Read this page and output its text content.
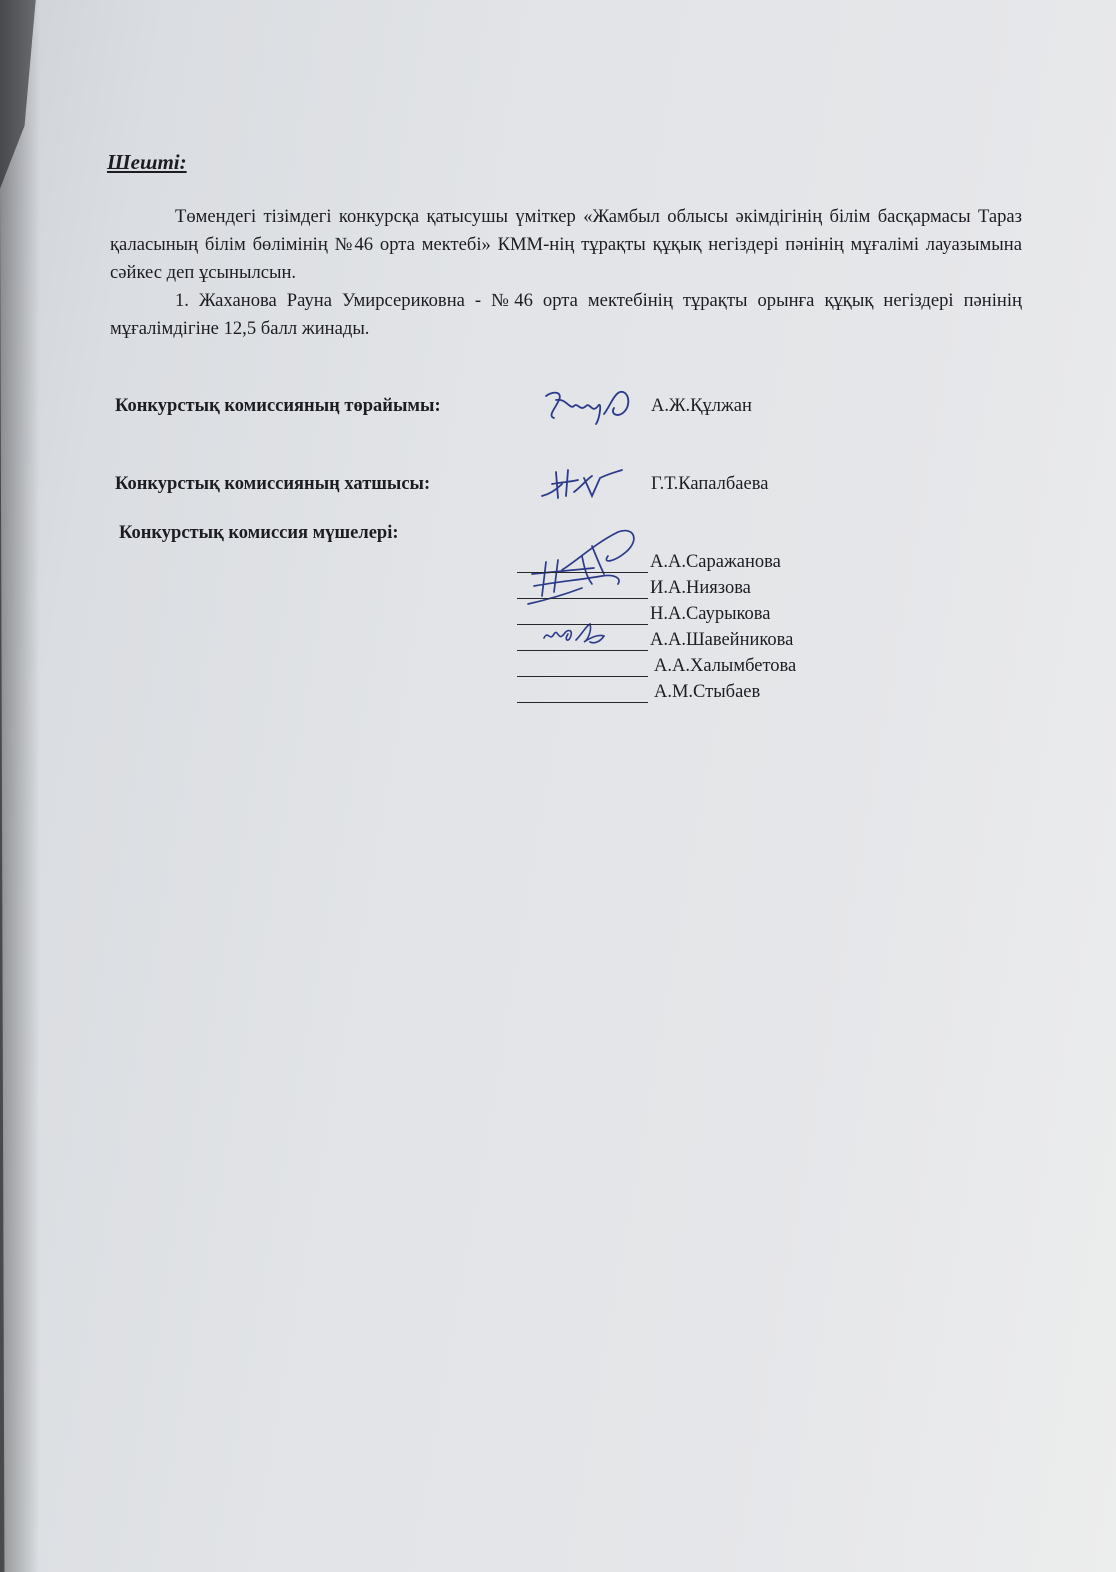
Шешті:

Төмендегі тізімдегі конкурсқа қатысушы үміткер «Жамбыл облысы әкімдігінің білім басқармасы Тараз қаласының білім бөлімінің №46 орта мектебі» КММ-нің тұрақты құқық негіздері пәнінің мұғалімі лауазымына сәйкес деп ұсынылсын.

1. Жаханова Рауна Умирсериковна - №46 орта мектебінің тұрақты орынға құқық негіздері пәнінің мұғалімдігіне 12,5 балл жинады.

Конкурстық комиссияның төрайымы:	А.Ж.Құлжан
Конкурстық комиссияның хатшысы:	Г.Т.Капалбаева
Конкурстық комиссия мүшелері:
А.А.Саражанова
И.А.Ниязова
Н.А.Саурыкова
А.А.Шавейникова
А.А.Халымбетова
А.М.Стыбаев
